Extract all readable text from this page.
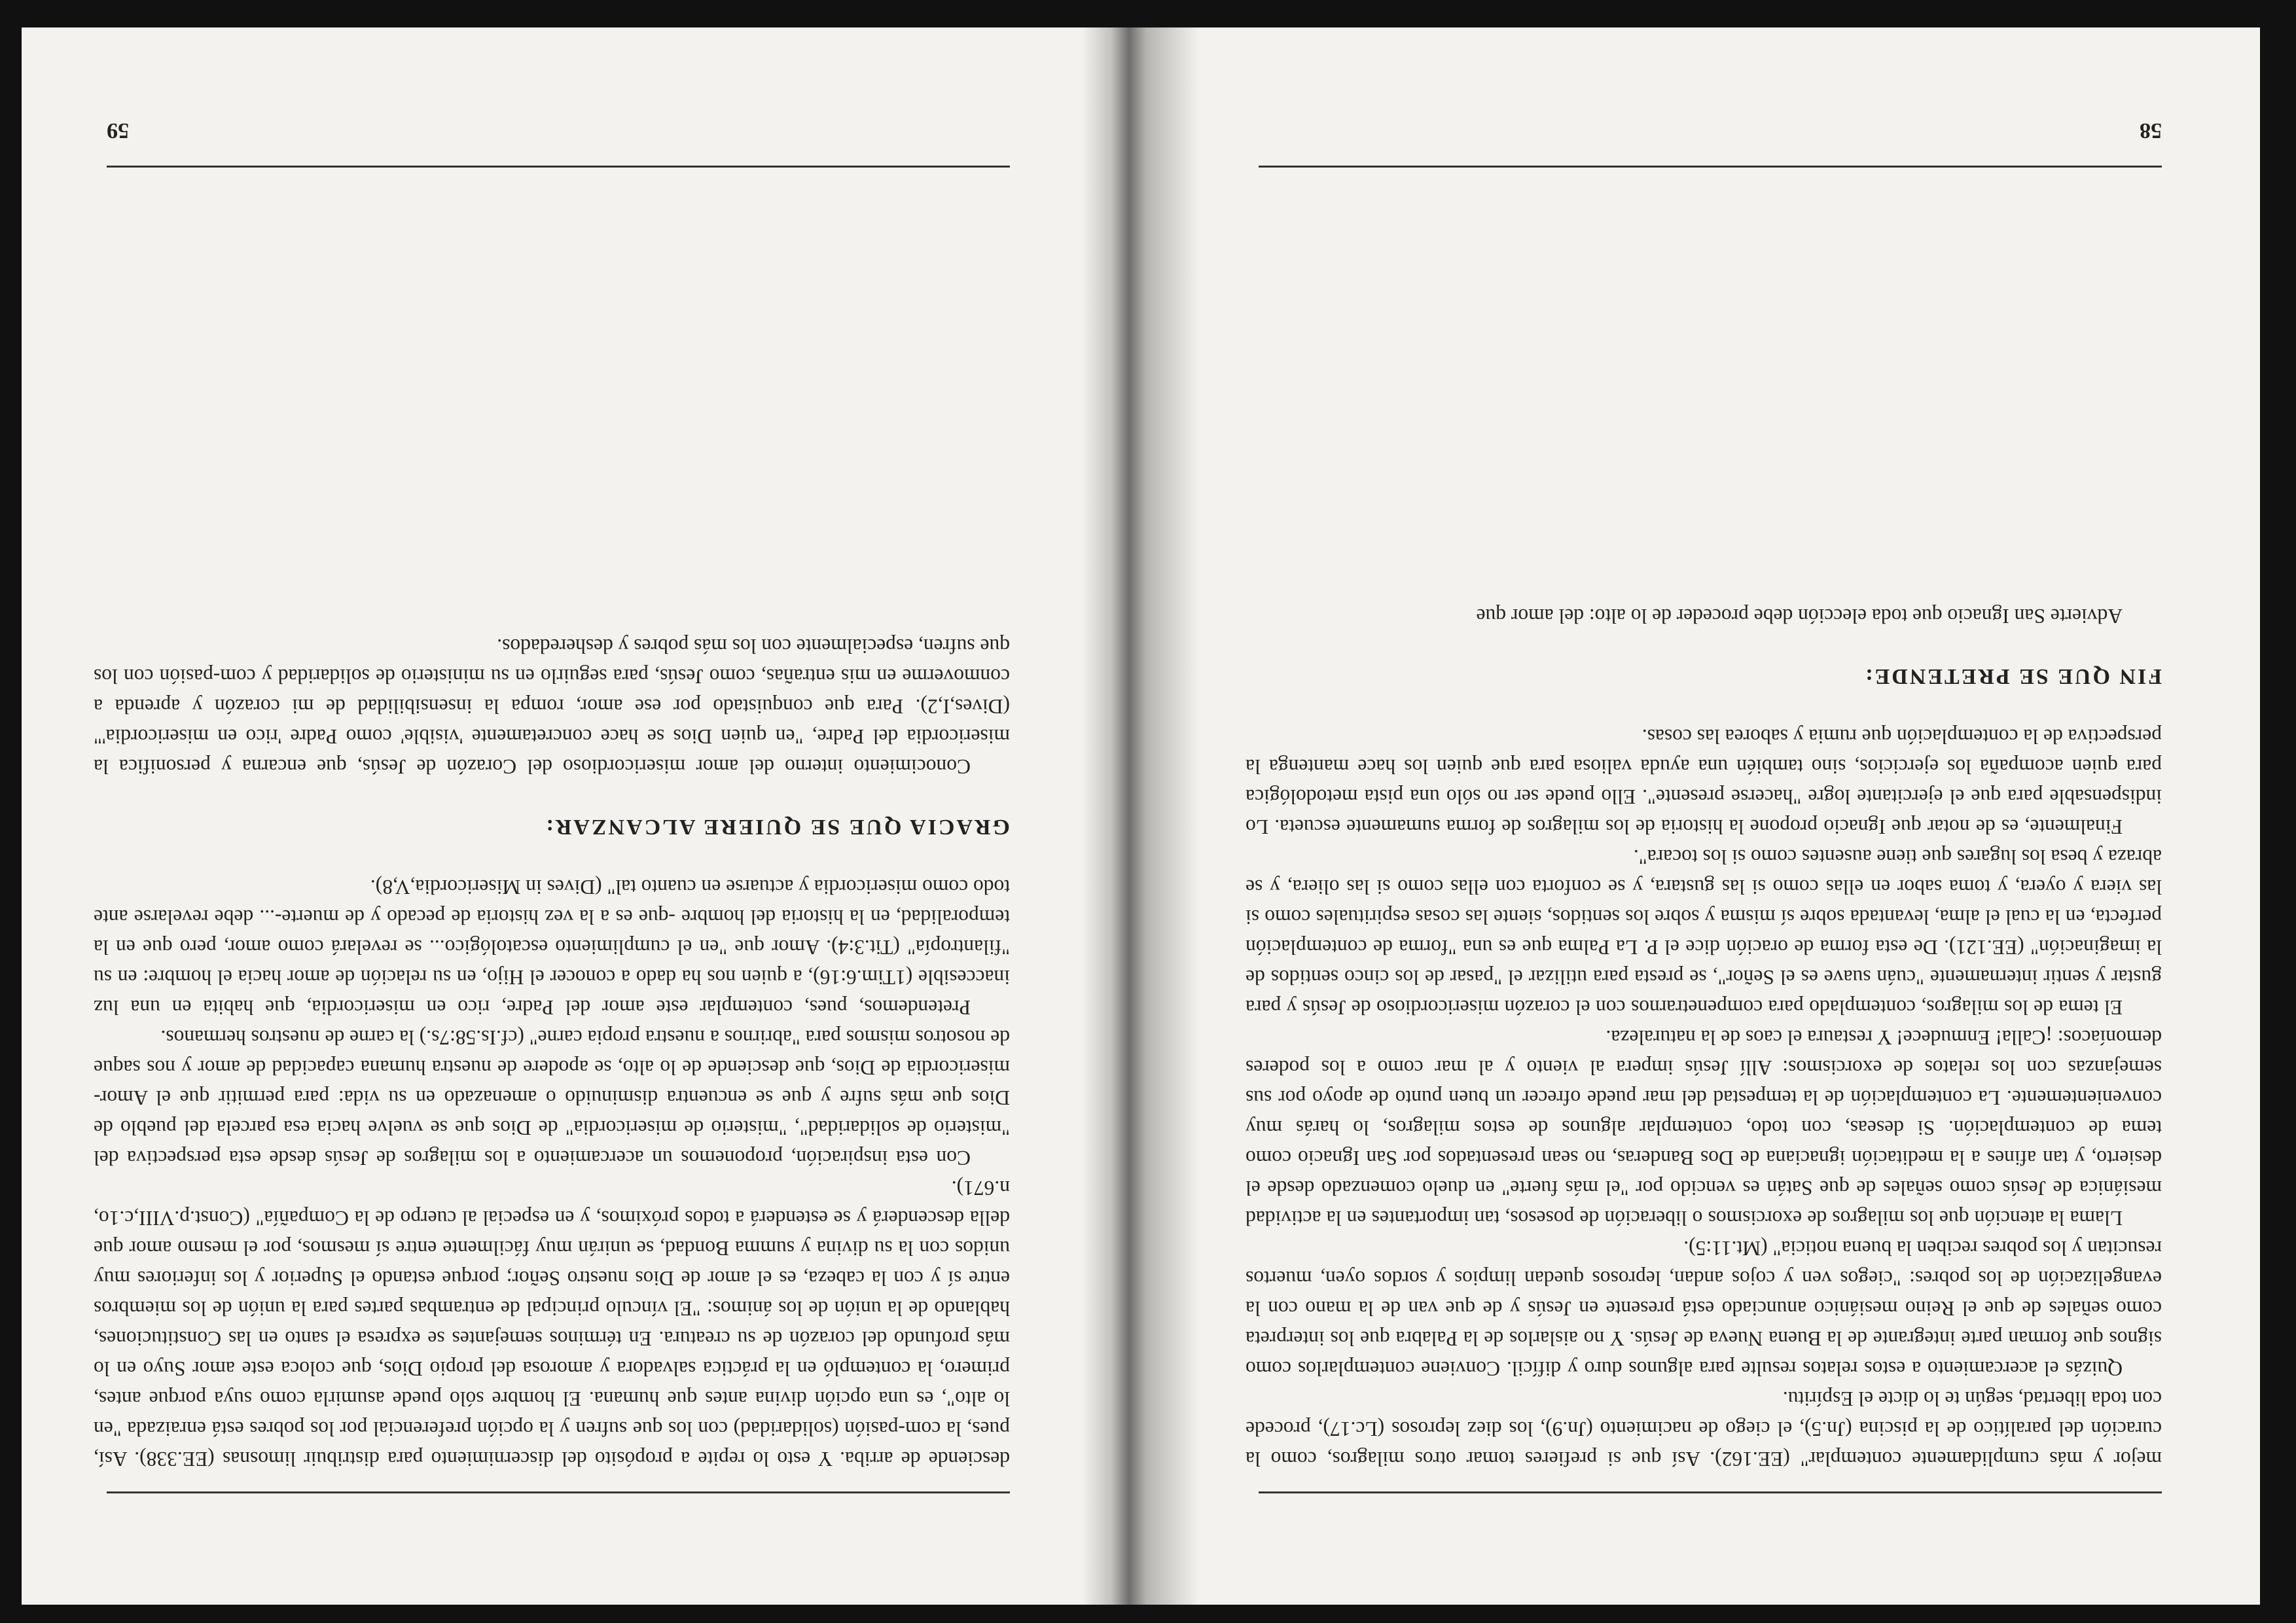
mejor y más cumplidamente contemplar" (EE.162). Así que si prefieres tomar otros milagros, como la curación del paralítico de la piscina (Jn.5), el ciego de nacimiento (Jn.9), los diez leprosos (Lc.17), procede con toda libertad, según te lo dicte el Espíritu.

Quizás el acercamiento a estos relatos resulte para algunos duro y difícil. Conviene contemplarlos como signos que forman parte integrante de la Buena Nueva de Jesús. Y no aislarlos de la Palabra que los interpreta como señales de que el Reino mesiánico anunciado está presente en Jesús y de que van de la mano con la evangelización de los pobres: "ciegos ven y cojos andan, leprosos quedan limpios y sordos oyen, muertos resucitan y los pobres reciben la buena noticia" (Mt.11:5).

Llama la atención que los milagros de exorcismos o liberación de posesos, tan importantes en la actividad mesiánica de Jesús como señales de que Satán es vencido por "el más fuerte" en duelo comenzado desde el desierto, y tan afines a la meditación ignaciana de Dos Banderas, no sean presentados por San Ignacio como tema de contemplación. Si deseas, con todo, contemplar algunos de estos milagros, lo harás muy convenientemente. La contemplación de la tempestad del mar puede ofrecer un buen punto de apoyo por sus semejanzas con los relatos de exorcismos: Allí Jesús impera al viento y al mar como a los poderes demoníacos: ¡Calla! Enmudece! Y restaura el caos de la naturaleza.

El tema de los milagros, contemplado para compenetrarnos con el corazón misericordioso de Jesús y para gustar y sentir internamente "cuán suave es el Señor", se presta para utilizar el "pasar de los cinco sentidos de la imaginación" (EE.121). De esta forma de oración dice el P. La Palma que es una "forma de contemplación perfecta, en la cual el alma, levantada sobre sí misma y sobre los sentidos, siente las cosas espirituales como si las viera y oyera, y toma sabor en ellas como si las gustara, y se conforta con ellas como si las oliera, y se abraza y besa los lugares que tiene ausentes como si los tocara".

Finalmente, es de notar que Ignacio propone la historia de los milagros de forma sumamente escueta. Lo indispensable para que el ejercitante logre "hacerse presente". Ello puede ser no sólo una pista metodológica para quien acompaña los ejercicios, sino también una ayuda valiosa para que quien los hace mantenga la perspectiva de la contemplación que rumia y saborea las cosas.

FIN QUE SE PRETENDE:

Advierte San Ignacio que toda elección debe proceder de lo alto: del amor que

58

desciende de arriba. Y esto lo repite a propósito del discernimiento para distribuir limosnas (EE.338). Así, pues, la com-pasión (solidaridad) con los que sufren y la opción preferencial por los pobres está enraizada "en lo alto", es una opción divina antes que humana. El hombre sólo puede asumirla como suya porque antes, primero, la contempló en la práctica salvadora y amorosa del propio Dios, que coloca este amor Suyo en lo más profundo del corazón de su creatura. En términos semejantes se expresa el santo en las Constituciones, hablando de la unión de los ánimos: "El vínculo principal de entrambas partes para la unión de los miembros entre sí y con la cabeza, es el amor de Dios nuestro Señor; porque estando el Superior y los inferiores muy unidos con la su divina y summa Bondad, se unirán muy fácilmente entre sí mesmos, por el mesmo amor que della descenderá y se estenderá a todos próximos, y en especial al cuerpo de la Compañía" (Const.p.VIII,c.1o, n.671).

Con esta inspiración, proponemos un acercamiento a los milagros de Jesús desde esta perspectiva del "misterio de solidaridad", "misterio de misericordia" de Dios que se vuelve hacia esa parcela del pueblo de Dios que más sufre y que se encuentra disminuido o amenazado en su vida: para permitir que el Amor-misericordia de Dios, que desciende de lo alto, se apodere de nuestra humana capacidad de amor y nos saque de nosotros mismos para "abrirnos a nuestra propia carne" (cf.Is.58:7s.) la carne de nuestros hermanos.

Pretendemos, pues, contemplar este amor del Padre, rico en misericordia, que habita en una luz inaccesible (1Tim.6:16), a quien nos ha dado a conocer el Hijo, en su relación de amor hacia el hombre: en su "filantropía" (Tit.3:4). Amor que "en el cumplimiento escatológico... se revelará como amor, pero que en la temporalidad, en la historia del hombre -que es a la vez historia de pecado y de muerte-... debe revelarse ante todo como misericordia y actuarse en cuanto tal" (Dives in Misericordia,V,8).

GRACIA QUE SE QUIERE ALCANZAR:

Conocimiento interno del amor misericordioso del Corazón de Jesús, que encarna y personifica la misericordia del Padre, "en quien Dios se hace concretamente 'visible' como Padre 'rico en misericordia'" (Dives,I,2). Para que conquistado por ese amor, rompa la insensibilidad de mi corazón y aprenda a conmoverme en mis entrañas, como Jesús, para seguirlo en su ministerio de solidaridad y com-pasión con los que sufren, especialmente con los más pobres y desheredados.

59
